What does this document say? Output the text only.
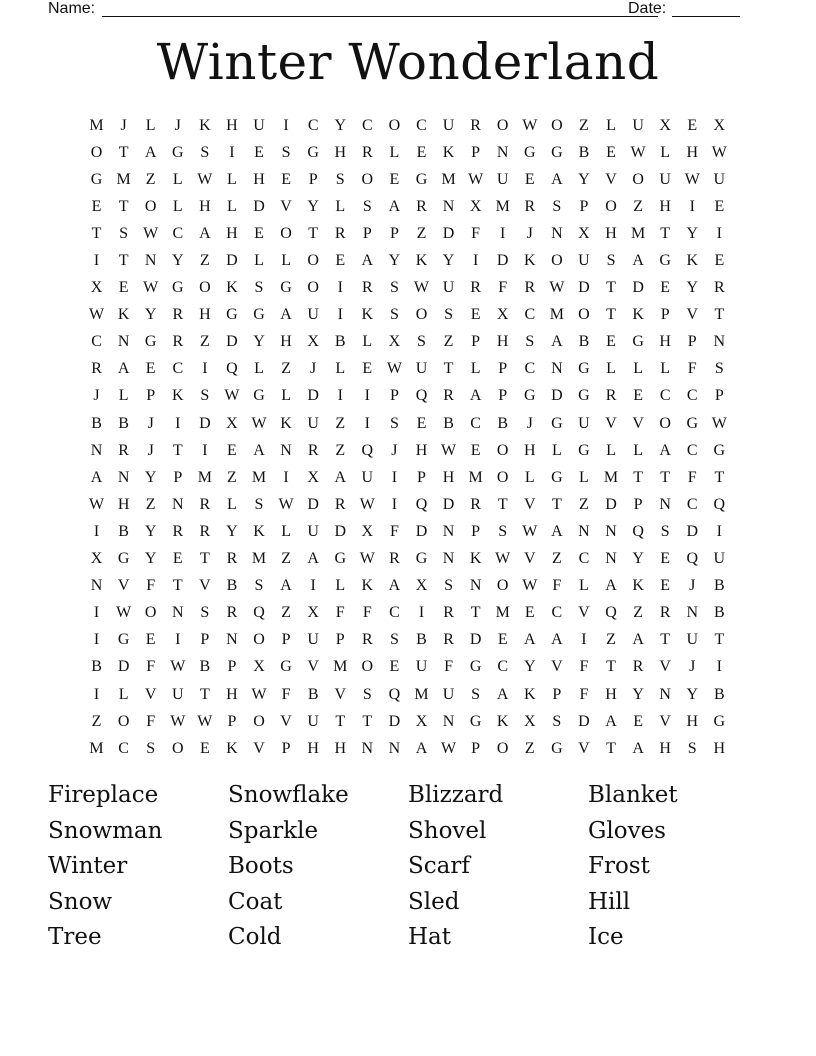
Name:	Date:
Winter Wonderland
M	J	L	J	K H U	I	C Y C O C U R O W O	Z	L	U X	E	X
O	T	A G	S	I	E	S	G H R	L	E	K	P	N G G B	E W L	H W
G M Z	L W L	H	E	P	S	O	E	G M W U	E	A Y V O U W U
E	T	O	L	H	L	D V Y	L	S	A R N X M R	S	P	O	Z	H	I	E
T	S W C A H	E	O	T	R	P	P	Z	D	F	I	J	N X H M T	Y	I
I	T	N Y	Z	D	L	L	O	E	A Y K Y	I	D K O U	S	A G K	E
X	E W G O K	S	G O	I	R	S W U R	F	R W D	T	D	E	Y R
W K Y R H G G A U	I	K	S	O	S	E	X C M O	T	K	P	V	T
C N G R	Z	D Y H X B	L	X	S	Z	P	H	S	A B	E	G H	P	N
R A	E	C	I	Q	L	Z	J	L	E W U	T	L	P	C N G	L	L	L	F	S
J	L	P	K	S W G	L	D	I	I	P	Q R A	P	G D G R	E	C	C	P
B	B	J	I	D X W K U	Z	I	S	E	B	C	B	J	G U V V O G W
N R	J	T	I	E	A N R	Z	Q	J	H W E	O H	L	G	L	L	A C G
A N Y	P M Z M	I	X A U	I	P	H M O	L	G	L M T	T	F	T
W H	Z	N R	L	S W D R W	I	Q D R	T	V	T	Z	D	P	N C Q
I	B Y R	R Y K	L	U D X	F	D N	P	S W A N N Q	S	D	I
X G Y	E	T	R M Z	A G W R G N K W V	Z	C N Y	E	Q U
N V	F	T	V B	S	A	I	L	K A X	S	N O W F	L	A K	E	J	B
I	W O N	S	R Q	Z	X	F	F	C	I	R	T M E	C V Q	Z	R N B
I	G	E	I	P	N O	P	U	P	R	S	B	R D	E	A A	I	Z	A	T	U	T
B D	F W B	P	X G V M O	E	U	F	G C Y V	F	T	R V	J	I
I	L	V U	T	H W F	B V	S	Q M U	S	A K	P	F	H Y N Y B
Z	O	F W W P	O V U	T	T	D X N G K X	S	D A	E	V H G
M C	S	O	E	K V	P	H H N N A W P	O	Z	G V	T	A H	S	H
Fireplace	Snowflake	Blizzard	Blanket
Snowman	Sparkle	Shovel	Gloves
Winter	Boots	Scarf	Frost
Snow	Coat	Sled	Hill
Tree	Cold	Hat	Ice
